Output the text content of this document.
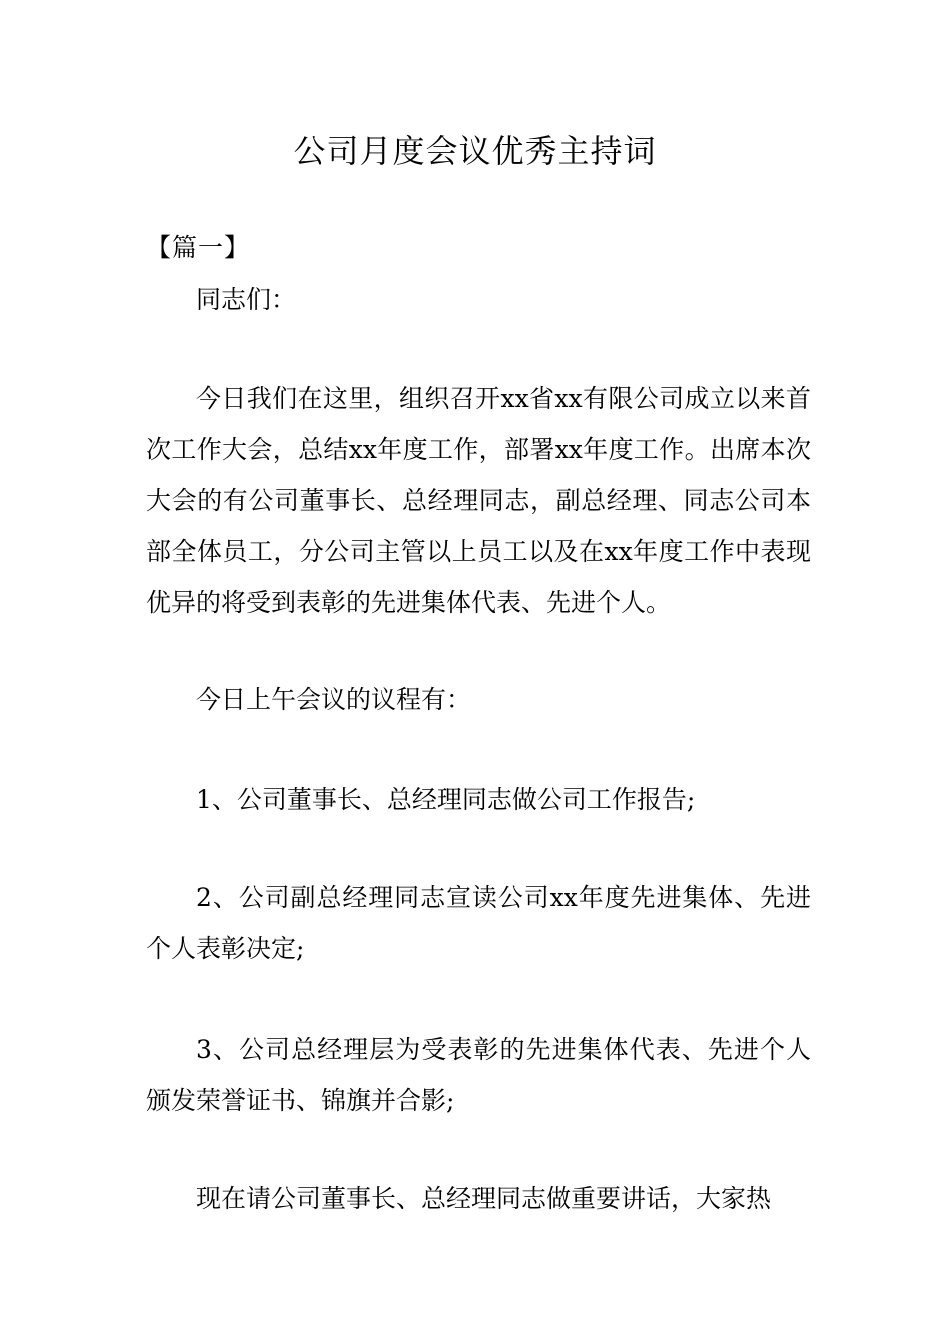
公司月度会议优秀主持词

【篇一】

同志们：

今日我们在这里，组织召开xx省xx有限公司成立以来首次工作大会，总结xx年度工作，部署xx年度工作。出席本次大会的有公司董事长、总经理同志，副总经理、同志公司本部全体员工，分公司主管以上员工以及在xx年度工作中表现优异的将受到表彰的先进集体代表、先进个人。

今日上午会议的议程有：

1、公司董事长、总经理同志做公司工作报告;

2、公司副总经理同志宣读公司xx年度先进集体、先进个人表彰决定;

3、公司总经理层为受表彰的先进集体代表、先进个人颁发荣誉证书、锦旗并合影;

现在请公司董事长、总经理同志做重要讲话，大家热
